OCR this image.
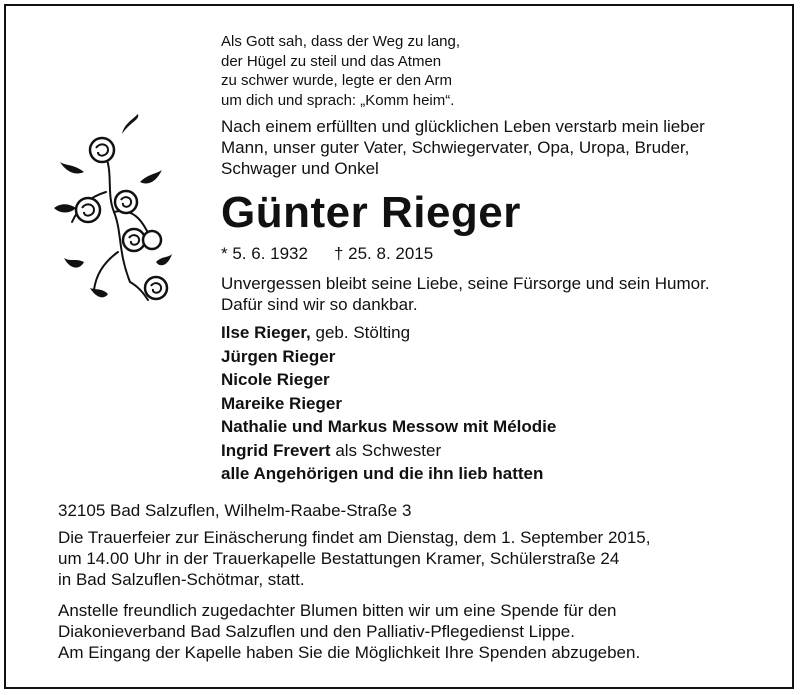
Als Gott sah, dass der Weg zu lang,
der Hügel zu steil und das Atmen
zu schwer wurde, legte er den Arm
um dich und sprach: „Komm heim“.
Nach einem erfüllten und glücklichen Leben verstarb mein lieber
Mann, unser guter Vater, Schwiegervater, Opa, Uropa, Bruder,
Schwager und Onkel
Günter Rieger
* 5. 6. 1932 † 25. 8. 2015
Unvergessen bleibt seine Liebe, seine Fürsorge und sein Humor.
Dafür sind wir so dankbar.
Ilse Rieger, geb. Stölting
Jürgen Rieger
Nicole Rieger
Mareike Rieger
Nathalie und Markus Messow mit Mélodie
Ingrid Frevert als Schwester
alle Angehörigen und die ihn lieb hatten
32105 Bad Salzuflen, Wilhelm-Raabe-Straße 3
Die Trauerfeier zur Einäscherung findet am Dienstag, dem 1. September 2015,
um 14.00 Uhr in der Trauerkapelle Bestattungen Kramer, Schülerstraße 24
in Bad Salzuflen-Schötmar, statt.
Anstelle freundlich zugedachter Blumen bitten wir um eine Spende für den
Diakonieverband Bad Salzuflen und den Palliativ-Pflegedienst Lippe.
Am Eingang der Kapelle haben Sie die Möglichkeit Ihre Spenden abzugeben.
